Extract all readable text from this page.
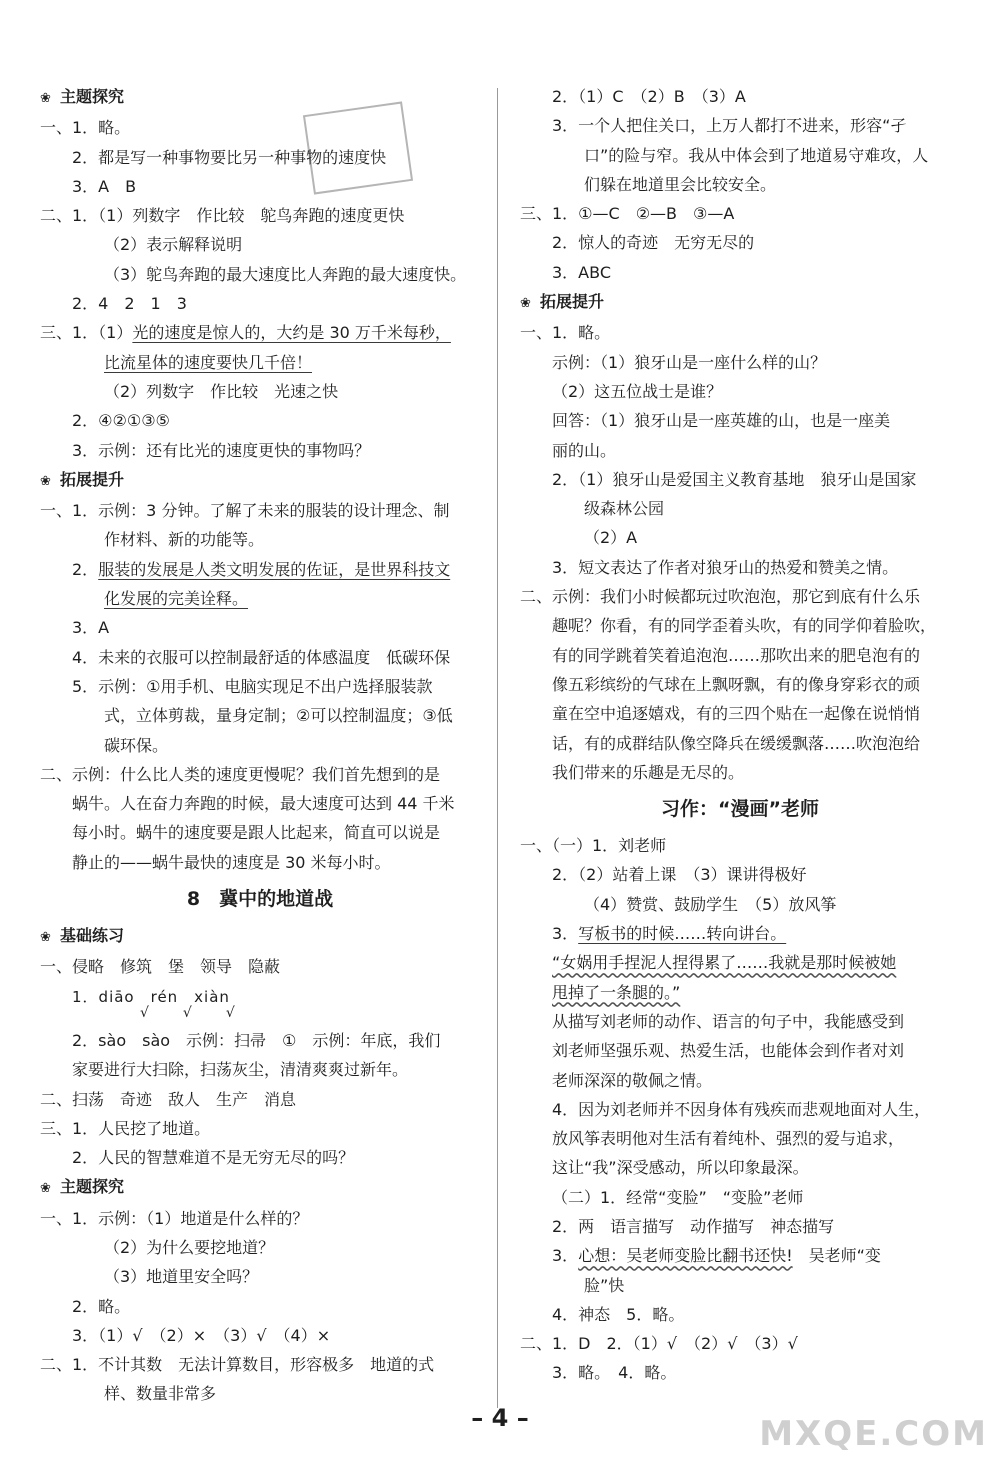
❀ 主题探究
一、1．略。
2．都是写一种事物要比另一种事物的速度快
3．A　B
二、1．（1）列数字　作比较　鸵鸟奔跑的速度更快
（2）表示解释说明
（3）鸵鸟奔跑的最大速度比人奔跑的最大速度快。
2．4　2　1　3
三、1．（1）光的速度是惊人的，大约是 30 万千米每秒，
比流星体的速度要快几千倍！
（2）列数字　作比较　光速之快
2．④②①③⑤
3．示例：还有比光的速度更快的事物吗？
❀ 拓展提升
一、1．示例：3 分钟。了解了未来的服装的设计理念、制
作材料、新的功能等。
2．服装的发展是人类文明发展的佐证，是世界科技文
化发展的完美诠释。
3．A
4．未来的衣服可以控制最舒适的体感温度　低碳环保
5．示例：①用手机、电脑实现足不出户选择服装款
式，立体剪裁，量身定制；②可以控制温度；③低
碳环保。
二、示例：什么比人类的速度更慢呢？我们首先想到的是
蜗牛。人在奋力奔跑的时候，最大速度可达到 44 千米
每小时。蜗牛的速度要是跟人比起来，简直可以说是
静止的——蜗牛最快的速度是 30 米每小时。
8　冀中的地道战
❀ 基础练习
一、侵略　修筑　堡　领导　隐蔽
1．diāo　rén　xiàn
√　√　√
2．sào　sào　示例：扫帚　①　示例：年底，我们
家要进行大扫除，扫荡灰尘，清清爽爽过新年。
二、扫荡　奇迹　敌人　生产　消息
三、1．人民挖了地道。
2．人民的智慧难道不是无穷无尽的吗？
❀ 主题探究
一、1．示例：（1）地道是什么样的？
（2）为什么要挖地道？
（3）地道里安全吗？
2．略。
3．（1）√　（2）×　（3）√　（4）×
二、1．不计其数　无法计算数目，形容极多　地道的式
样、数量非常多
2．（1）C　（2）B　（3）A
3．一个人把住关口，上万人都打不进来，形容“孑
口”的险与窄。我从中体会到了地道易守难攻，人
们躲在地道里会比较安全。
三、1．①—C　②—B　③—A
2．惊人的奇迹　无穷无尽的
3．ABC
❀ 拓展提升
一、1．略。
示例：（1）狼牙山是一座什么样的山？
（2）这五位战士是谁？
回答：（1）狼牙山是一座英雄的山，也是一座美
丽的山。
2．（1）狼牙山是爱国主义教育基地　狼牙山是国家
级森林公园
（2）A
3．短文表达了作者对狼牙山的热爱和赞美之情。
二、示例：我们小时候都玩过吹泡泡，那它到底有什么乐
趣呢？你看，有的同学歪着头吹，有的同学仰着脸吹，
有的同学跳着笑着追泡泡……那吹出来的肥皂泡有的
像五彩缤纷的气球在上飘呀飘，有的像身穿彩衣的顽
童在空中追逐嬉戏，有的三四个贴在一起像在说悄悄
话，有的成群结队像空降兵在缓缓飘落……吹泡泡给
我们带来的乐趣是无尽的。
习作：“漫画”老师
一、（一）1．刘老师
2．（2）站着上课　（3）课讲得极好
（4）赞赏、鼓励学生　（5）放风筝
3．写板书的时候……转向讲台。
“女娲用手捏泥人捏得累了……我就是那时候被她
甩掉了一条腿的。”
从描写刘老师的动作、语言的句子中，我能感受到
刘老师坚强乐观、热爱生活，也能体会到作者对刘
老师深深的敬佩之情。
4．因为刘老师并不因身体有残疾而悲观地面对人生，
放风筝表明他对生活有着纯朴、强烈的爱与追求，
这让“我”深受感动，所以印象最深。
（二）1．经常“变脸”　“变脸”老师
2．两　语言描写　动作描写　神态描写
3．心想：吴老师变脸比翻书还快!　吴老师“变
脸”快
4．神态　5．略。
二、1．D　2．（1）√　（2）√　（3）√
3．略。　4．略。
– 4 –	MXQE.COM
